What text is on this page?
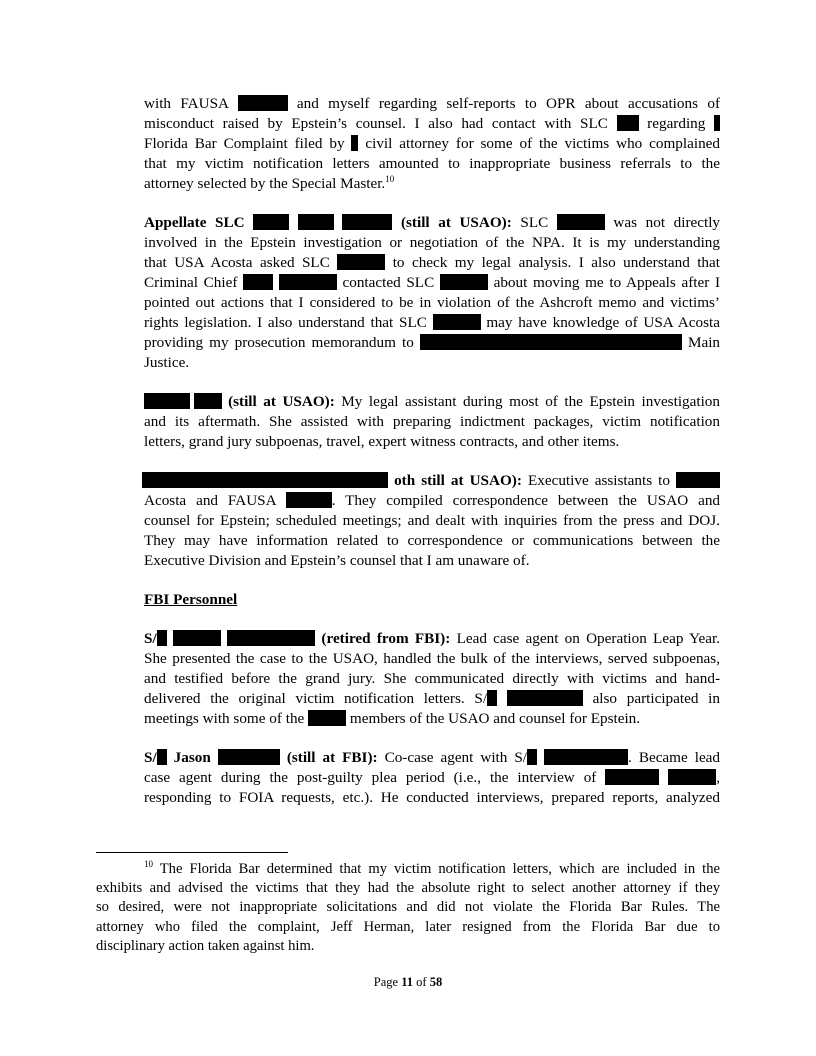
with FAUSA	and myself regarding self-reports to OPR about accusations of
misconduct raised by Epstein’s counsel. I also had contact with SLC	regarding
Florida Bar Complaint filed by civil attorney for some of the victims who complained
that my victim notification letters amounted to inappropriate business referrals to the
attorney selected by the Special Master.$^{10}$

Appellate SLC	(still at USAO): SLC	was not directly
involved in the Epstein investigation or negotiation of the NPA. It is my understanding
that USA Acosta asked SLC	to check my legal analysis. I also understand that
Criminal Chief	contacted SLC	about moving me to Appeals after I
pointed out actions that I considered to be in violation of the Ashcroft memo and victims’
rights legislation. I also understand that SLC	may have knowledge of USA Acosta
providing my prosecution memorandum to	Main
Justice.

(still at USAO): My legal assistant during most of the Epstein investigation
and its aftermath. She assisted with preparing indictment packages, victim notification
letters, grand jury subpoenas, travel, expert witness contracts, and other items.

oth still at USAO): Executive assistants to
Acosta and FAUSA	. They compiled correspondence between the USAO and
counsel for Epstein; scheduled meetings; and dealt with inquiries from the press and DOJ.
They may have information related to correspondence or communications between the
Executive Division and Epstein’s counsel that I am unaware of.

FBI Personnel

S/	(retired from FBI): Lead case agent on Operation Leap Year.
She presented the case to the USAO, handled the bulk of the interviews, served subpoenas,
and testified before the grand jury. She communicated directly with victims and hand-
delivered the original victim notification letters. S/	also participated in
meetings with some of the	members of the USAO and counsel for Epstein.

S/ Jason	(still at FBI): Co-case agent with S/	. Became lead
case agent during the post-guilty plea period (i.e., the interview of	,
responding to FOIA requests, etc.). He conducted interviews, prepared reports, analyzed

$^{10}$ The Florida Bar determined that my victim notification letters, which are included in the
exhibits and advised the victims that they had the absolute right to select another attorney if they
so desired, were not inappropriate solicitations and did not violate the Florida Bar Rules. The
attorney who filed the complaint, Jeff Herman, later resigned from the Florida Bar due to
disciplinary action taken against him.
Page 11 of 58
